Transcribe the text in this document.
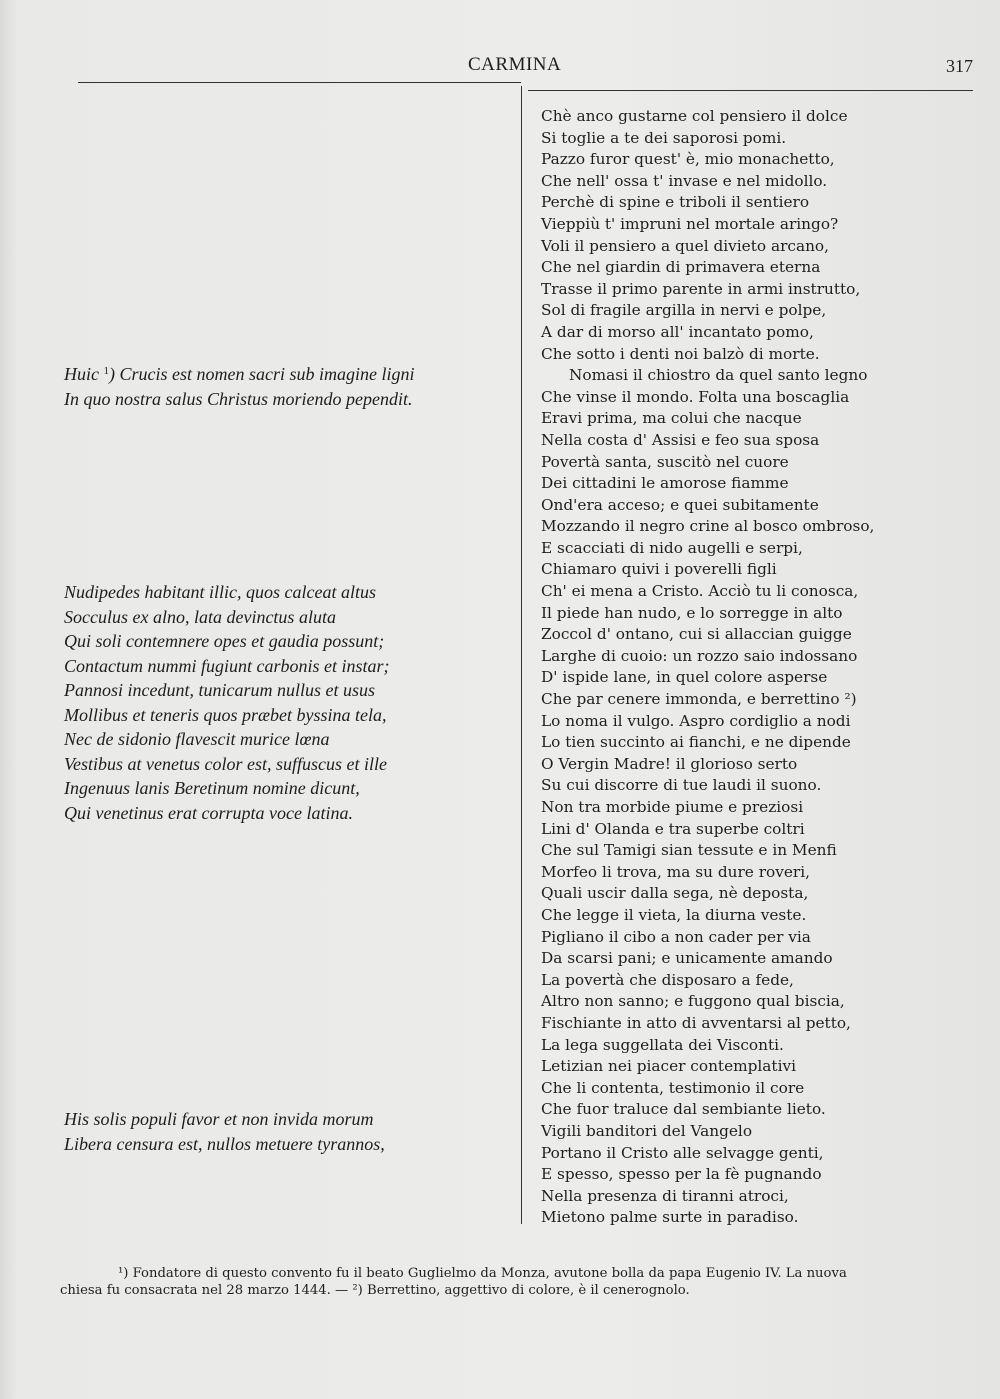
CARMINA	317
Huic $^1$) Crucis est nomen sacri sub imagine ligni
In quo nostra salus Christus moriendo pependit.
Nudipedes habitant illic, quos calceat altus
Socculus ex alno, lata devinctus aluta
Qui soli contemnere opes et gaudia possunt;
Contactum nummi fugiunt carbonis et instar;
Pannosi incedunt, tunicarum nullus et usus
Mollibus et teneris quos præbet byssina tela,
Nec de sidonio flavescit murice lœna
Vestibus at venetus color est, suffuscus et ille
Ingenuus lanis Beretinum nomine dicunt,
Qui venetinus erat corrupta voce latina.
His solis populi favor et non invida morum
Libera censura est, nullos metuere tyrannos,
Chè anco gustarne col pensiero il dolce
Si toglie a te dei saporosi pomi.
Pazzo furor quest' è, mio monachetto,
Che nell' ossa t' invase e nel midollo.
Perchè di spine e triboli il sentiero
Vieppiù t' impruni nel mortale aringo?
Voli il pensiero a quel divieto arcano,
Che nel giardin di primavera eterna
Trasse il primo parente in armi instrutto,
Sol di fragile argilla in nervi e polpe,
A dar di morso all' incantato pomo,
Che sotto i denti noi balzò di morte.
Nomasi il chiostro da quel santo legno
Che vinse il mondo. Folta una boscaglia
Eravi prima, ma colui che nacque
Nella costa d' Assisi e feo sua sposa
Povertà santa, suscitò nel cuore
Dei cittadini le amorose fiamme
Ond'era acceso; e quei subitamente
Mozzando il negro crine al bosco ombroso,
E scacciati di nido augelli e serpi,
Chiamaro quivi i poverelli figli
Ch' ei mena a Cristo. Acciò tu li conosca,
Il piede han nudo, e lo sorregge in alto
Zoccol d' ontano, cui si allaccian guigge
Larghe di cuoio: un rozzo saio indossano
D' ispide lane, in quel colore asperse
Che par cenere immonda, e berrettino ²)
Lo noma il vulgo. Aspro cordiglio a nodi
Lo tien succinto ai fianchi, e ne dipende
O Vergin Madre! il glorioso serto
Su cui discorre di tue laudi il suono.
Non tra morbide piume e preziosi
Lini d' Olanda e tra superbe coltri
Che sul Tamigi sian tessute e in Menfi
Morfeo li trova, ma su dure roveri,
Quali uscir dalla sega, nè deposta,
Che legge il vieta, la diurna veste.
Pigliano il cibo a non cader per via
Da scarsi pani; e unicamente amando
La povertà che disposaro a fede,
Altro non sanno; e fuggono qual biscia,
Fischiante in atto di avventarsi al petto,
La lega suggellata dei Visconti.
Letizian nei piacer contemplativi
Che li contenta, testimonio il core
Che fuor traluce dal sembiante lieto.
Vigili banditori del Vangelo
Portano il Cristo alle selvagge genti,
E spesso, spesso per la fè pugnando
Nella presenza di tiranni atroci,
Mietono palme surte in paradiso.
¹) Fondatore di questo convento fu il beato Guglielmo da Monza, avutone bolla da papa Eugenio IV. La nuova
chiesa fu consacrata nel 28 marzo 1444. — ²) Berrettino, aggettivo di colore, è il cenerognolo.
